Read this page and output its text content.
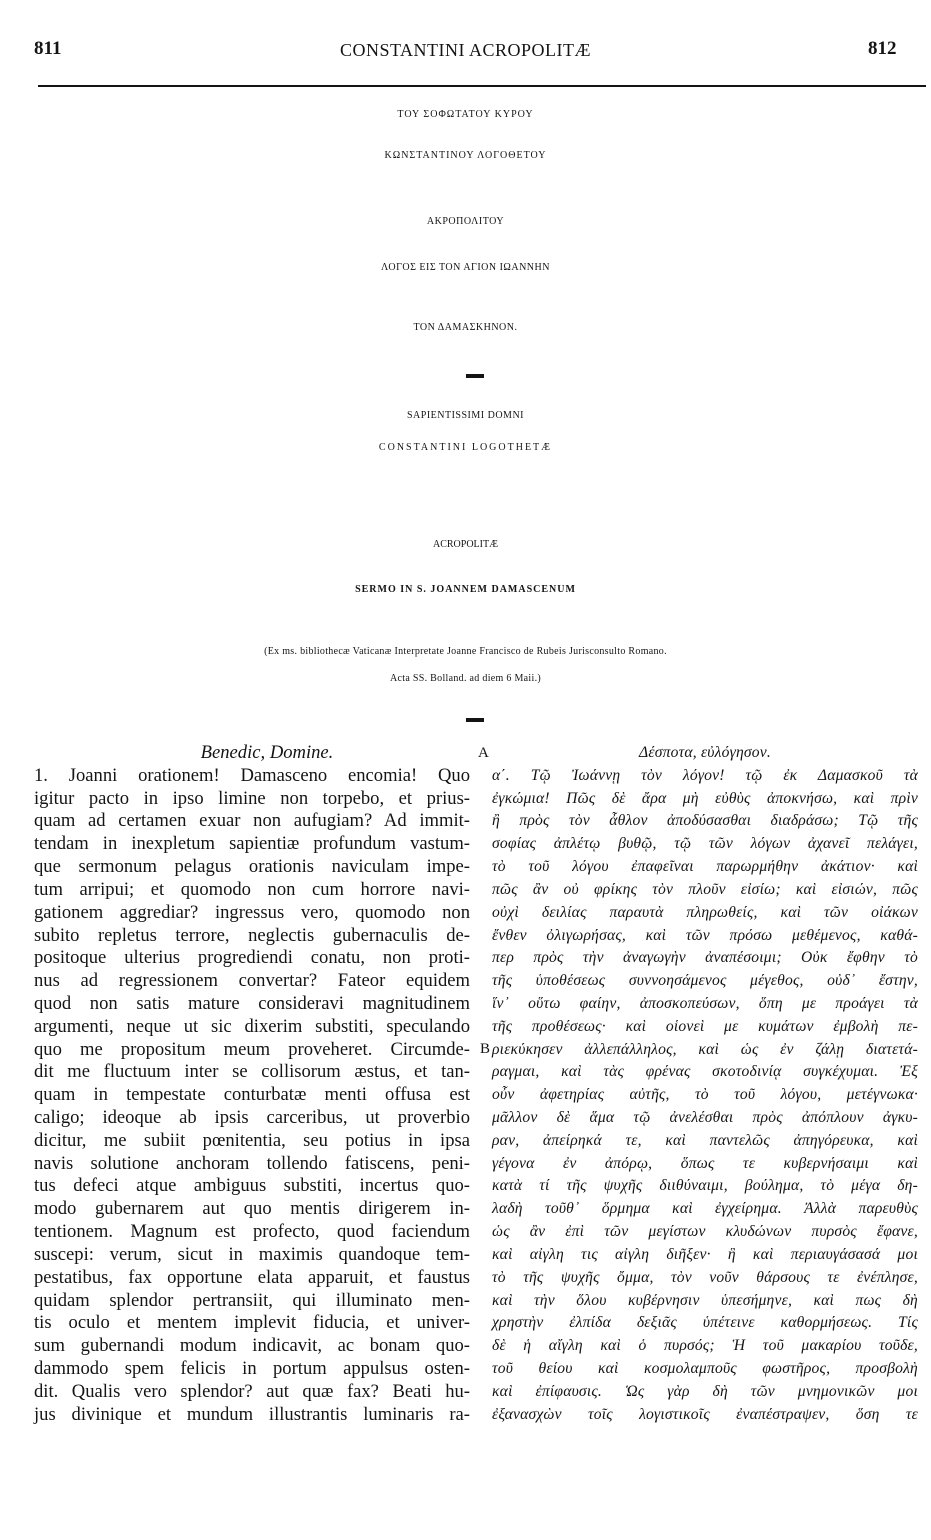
811	CONSTANTINI ACROPOLITÆ	812
ΤΟΥ ΣΟΦΩΤΑΤΟΥ ΚΥΡΟΥ
ΚΩΝΣΤΑΝΤΙΝΟΥ ΛΟΓΟΘΕΤΟΥ
ΑΚΡΟΠΟΛΙΤΟΥ
ΛΟΓΟΣ ΕΙΣ ΤΟΝ ΑΓΙΟΝ ΙΩΑΝΝΗΝ
ΤΟΝ ΔΑΜΑΣΚΗΝΟΝ.
SAPIENTISSIMI DOMNI
CONSTANTINI LOGOTHETÆ
ACROPOLITÆ
SERMO IN S. JOANNEM DAMASCENUM
(Ex ms. bibliothecæ Vaticanæ Interpretate Joanne Francisco de Rubeis Jurisconsulto Romano.
Acta SS. Bolland. ad diem 6 Maii.)
A
B
Benedic, Domine.
1. Joanni orationem! Damasceno encomia! Quo
igitur pacto in ipso limine non torpebo, et prius-
quam ad certamen exuar non aufugiam? Ad immit-
tendam in inexpletum sapientiæ profundum vastum-
que sermonum pelagus orationis naviculam impe-
tum arripui; et quomodo non cum horrore navi-
gationem aggrediar? ingressus vero, quomodo non
subito repletus terrore, neglectis gubernaculis de-
positoque ulterius progrediendi conatu, non proti-
nus ad regressionem convertar? Fateor equidem
quod non satis mature consideravi magnitudinem
argumenti, neque ut sic dixerim substiti, speculando
quo me propositum meum proveheret. Circumde-
dit me fluctuum inter se collisorum æstus, et tan-
quam in tempestate conturbatæ menti offusa est
caligo; ideoque ab ipsis carceribus, ut proverbio
dicitur, me subiit pœnitentia, seu potius in ipsa
navis solutione anchoram tollendo fatiscens, peni-
tus defeci atque ambiguus substiti, incertus quo-
modo gubernarem aut quo mentis dirigerem in-
tentionem. Magnum est profecto, quod faciendum
suscepi: verum, sicut in maximis quandoque tem-
pestatibus, fax opportune elata apparuit, et faustus
quidam splendor pertransiit, qui illuminato men-
tis oculo et mentem implevit fiducia, et univer-
sum gubernandi modum indicavit, ac bonam quo-
dammodo spem felicis in portum appulsus osten-
dit. Qualis vero splendor? aut quæ fax? Beati hu-
jus divinique et mundum illustrantis luminaris ra-
Δέσποτα, εὐλόγησον.
α΄. Τῷ Ἰωάννῃ τὸν λόγον! τῷ ἐκ Δαμασκοῦ τὰ
ἐγκώμια! Πῶς δὲ ἄρα μὴ εὐθὺς ἀποκνήσω, καὶ πρὶν
ἢ πρὸς τὸν ἆθλον ἀποδύσασθαι διαδράσω; Τῷ τῆς
σοφίας ἀπλέτῳ βυθῷ, τῷ τῶν λόγων ἀχανεῖ πελάγει,
τὸ τοῦ λόγου ἐπαφεῖναι παρωρμήθην ἀκάτιον· καὶ
πῶς ἂν οὐ φρίκης τὸν πλοῦν εἰσίω; καὶ εἰσιών, πῶς
οὐχὶ δειλίας παραυτὰ πληρωθείς, καὶ τῶν οἰάκων
ἔνθεν ὀλιγωρήσας, καὶ τῶν πρόσω μεθέμενος, καθά-
περ πρὸς τὴν ἀναγωγὴν ἀναπέσοιμι; Οὐκ ἔφθην τὸ
τῆς ὑποθέσεως συννοησάμενος μέγεθος, οὐδ᾽ ἔστην,
ἵν᾽ οὕτω φαίην, ἀποσκοπεύσων, ὅπη με προάγει τὰ
τῆς προθέσεως· καὶ οἱονεὶ με κυμάτων ἐμβολὴ πε-
ριεκύκησεν ἀλλεπάλληλος, καὶ ὡς ἐν ζάλῃ διατετά-
ραγμαι, καὶ τὰς φρένας σκοτοδινίᾳ συγκέχυμαι. Ἐξ
οὖν ἀφετηρίας αὐτῆς, τὸ τοῦ λόγου, μετέγνωκα·
μᾶλλον δὲ ἅμα τῷ ἀνελέσθαι πρὸς ἀπόπλουν ἀγκυ-
ραν, ἀπείρηκά τε, καὶ παντελῶς ἀπηγόρευκα, καὶ
γέγονα ἐν ἀπόρῳ, ὅπως τε κυβερνήσαιμι καὶ
κατὰ τί τῆς ψυχῆς διιθύναιμι, βούλημα, τὸ μέγα δη-
λαδὴ τοῦθ᾽ ὅρμημα καὶ ἐγχείρημα. Ἀλλὰ παρευθὺς
ὡς ἂν ἐπὶ τῶν μεγίστων κλυδώνων πυρσὸς ἔφανε,
καὶ αἰγλη τις αἰγλη διῆξεν· ἣ καὶ περιαυγάσασά μοι
τὸ τῆς ψυχῆς ὄμμα, τὸν νοῦν θάρσους τε ἐνέπλησε,
καὶ τὴν ὅλου κυβέρνησιν ὑπεσήμηνε, καὶ πως δὴ
χρηστὴν ἐλπίδα δεξιᾶς ὑπέτεινε καθορμήσεως. Τίς
δὲ ἡ αἴγλη καὶ ὁ πυρσός; Ἡ τοῦ μακαρίου τοῦδε,
τοῦ θείου καὶ κοσμολαμποῦς φωστῆρος, προσβολὴ
καὶ ἐπίφαυσις. Ὡς γὰρ δὴ τῶν μνημονικῶν μοι
ἐξανασχὼν τοῖς λογιστικοῖς ἐναπέστραψεν, ὅση τε
